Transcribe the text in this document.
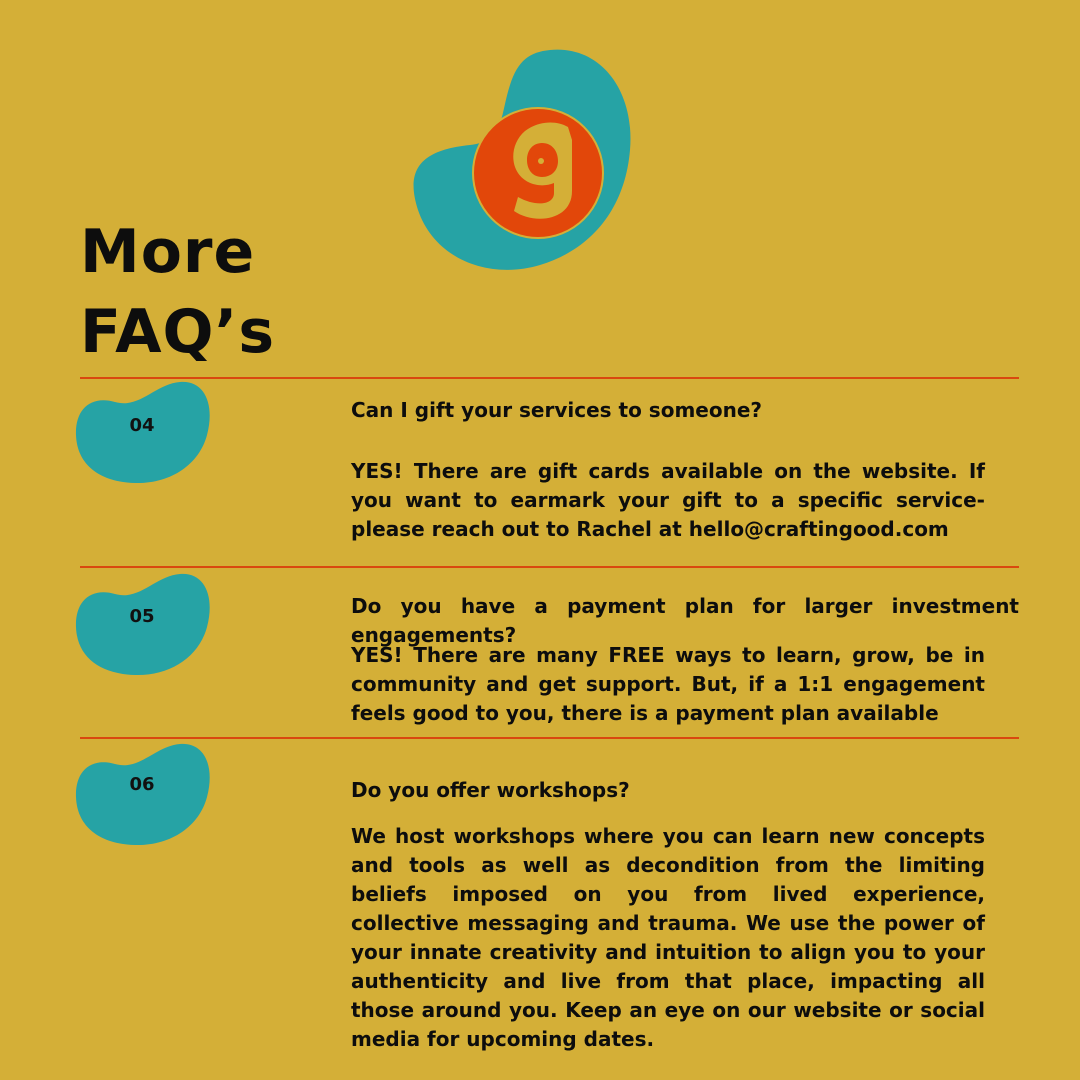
More
FAQ’s
04

Can I gift your services to someone?

YES! There are gift cards available on the website. If you want to earmark your gift to a specific service- please reach out to Rachel at hello@craftingood.com

05	Do you have a payment plan for larger investment engagements?

YES! There are many FREE ways to learn, grow, be in community and get support. But, if a 1:1 engagement feels good to you, there is a payment plan available

06	Do you offer workshops?

We host workshops where you can learn new concepts and tools as well as decondition from the limiting beliefs imposed on you from lived experience, collective messaging and trauma. We use the power of your innate creativity and intuition to align you to your authenticity and live from that place, impacting all those around you. Keep an eye on our website or social media for upcoming dates.
